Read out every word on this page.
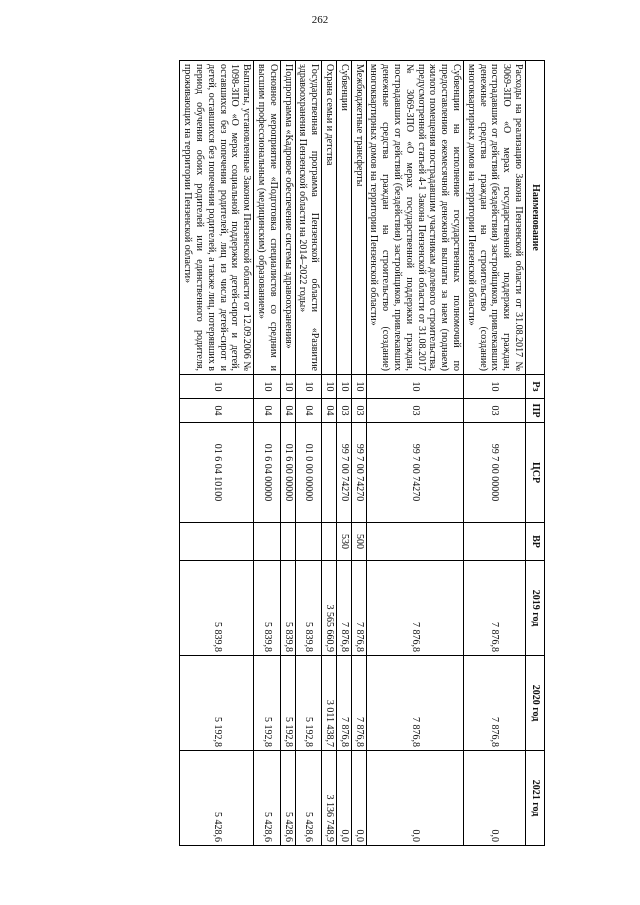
262
Наименование	Рз	ПР	ЦСР	ВР	2019 год	2020 год	2021 год
Расходы на реализацию Закона Пензенской области от 31.08.2017 № 3069-ЗПО «О мерах государственной поддержки граждан, пострадавших от действий (бездействия) застройщиков, привлекавших денежные средства граждан на строительство (создание) многоквартирных домов на территории Пензенской области»	10	03	99 7 00 00000		7 876,8	7 876,8	0,0
Субвенции на исполнение государственных полномочий по предоставлению ежемесячной денежной выплаты за наем (поднаем) жилого помещения пострадавшим участникам долевого строительства, предусмотренной статьей 4-1 Закона Пензенской области от 31.08.2017 № 3069-ЗПО «О мерах государственной поддержки граждан, пострадавших от действий (бездействия) застройщиков, привлекавших денежные средства граждан на строительство (создание) многоквартирных домов на территории Пензенской области»	10	03	99 7 00 74270		7 876,8	7 876,8	0,0
Межбюджетные трансферты	10	03	99 7 00 74270	500	7 876,8	7 876,8	0,0
Субвенции	10	03	99 7 00 74270	530	7 876,8	7 876,8	0,0
Охрана семьи и детства	10	04			3 565 660,9	3 011 438,7	3 136 748,9
Государственная программа Пензенской области «Развитие здравоохранения Пензенской области на 2014–2022 годы»	10	04	01 0 00 00000		5 839,8	5 192,8	5 428,6
Подпрограмма «Кадровое обеспечение системы здравоохранения»	10	04	01 6 00 00000		5 839,8	5 192,8	5 428,6
Основное мероприятие «Подготовка специалистов со средним и высшим профессиональным (медицинским) образованием»	10	04	01 6 04 00000		5 839,8	5 192,8	5 428,6
Выплаты, установленные Законом Пензенской области от 12.09.2006 № 1098-ЗПО «О мерах социальной поддержки детей-сирот и детей, оставшихся без попечения родителей, лиц из числа детей-сирот и детей, оставшихся без попечения родителей, а также лиц, потерявших в период обучения обоих родителей или единственного родителя, проживающих на территории Пензенской области»	10	04	01 6 04 10100		5 839,8	5 192,8	5 428,6
